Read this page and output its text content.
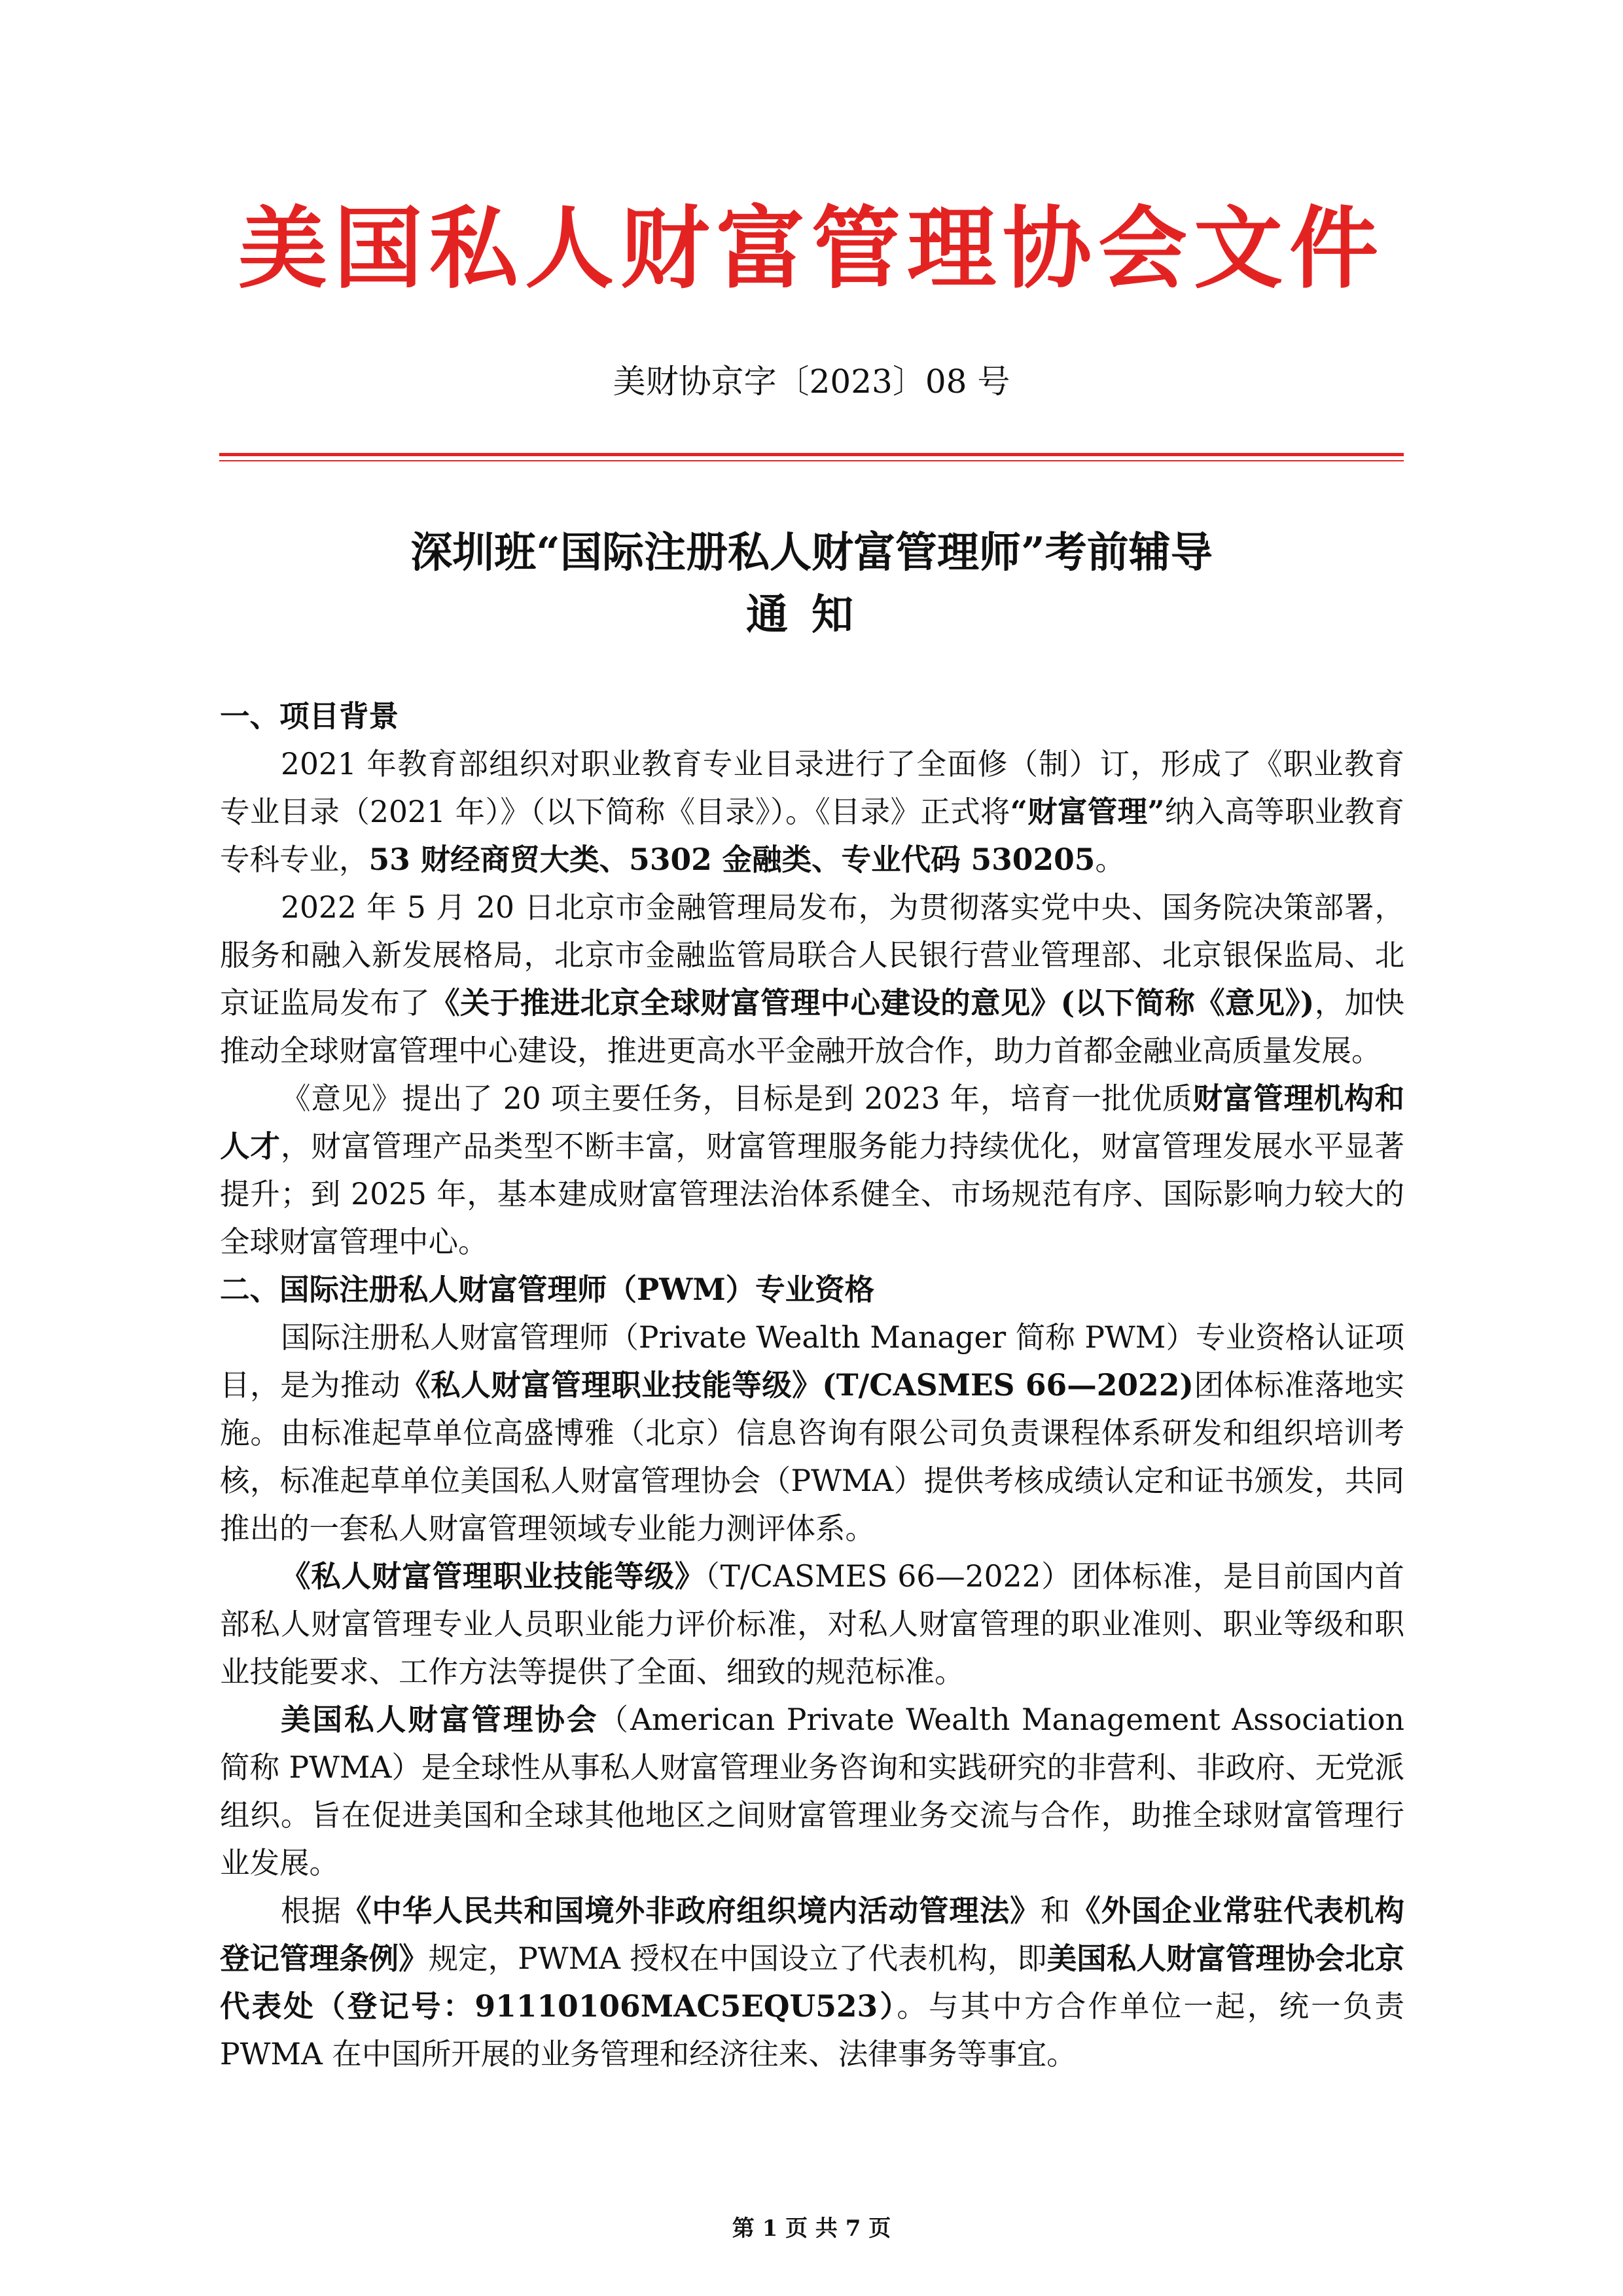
美国私人财富管理协会文件
美财协京字〔2023〕08 号
深圳班“国际注册私人财富管理师”考前辅导
通知

一、项目背景

2021 年教育部组织对职业教育专业目录进行了全面修（制）订，形成了《职业教育专业目录（2021 年）》（以下简称《目录》）。《目录》正式将“财富管理”纳入高等职业教育专科专业，53 财经商贸大类、5302 金融类、专业代码 530205。

2022 年 5 月 20 日北京市金融管理局发布，为贯彻落实党中央、国务院决策部署，服务和融入新发展格局，北京市金融监管局联合人民银行营业管理部、北京银保监局、北京证监局发布了《关于推进北京全球财富管理中心建设的意见》(以下简称《意见》)，加快推动全球财富管理中心建设，推进更高水平金融开放合作，助力首都金融业高质量发展。

《意见》提出了 20 项主要任务，目标是到 2023 年，培育一批优质财富管理机构和人才，财富管理产品类型不断丰富，财富管理服务能力持续优化，财富管理发展水平显著提升；到 2025 年，基本建成财富管理法治体系健全、市场规范有序、国际影响力较大的全球财富管理中心。

二、国际注册私人财富管理师（PWM）专业资格

国际注册私人财富管理师（Private Wealth Manager 简称 PWM）专业资格认证项目，是为推动《私人财富管理职业技能等级》(T/CASMES 66—2022)团体标准落地实施。由标准起草单位高盛博雅（北京）信息咨询有限公司负责课程体系研发和组织培训考核，标准起草单位美国私人财富管理协会（PWMA）提供考核成绩认定和证书颁发，共同推出的一套私人财富管理领域专业能力测评体系。

《私人财富管理职业技能等级》（T/CASMES 66—2022）团体标准，是目前国内首部私人财富管理专业人员职业能力评价标准，对私人财富管理的职业准则、职业等级和职业技能要求、工作方法等提供了全面、细致的规范标准。

美国私人财富管理协会（American Private Wealth Management Association 简称 PWMA）是全球性从事私人财富管理业务咨询和实践研究的非营利、非政府、无党派组织。旨在促进美国和全球其他地区之间财富管理业务交流与合作，助推全球财富管理行业发展。

根据《中华人民共和国境外非政府组织境内活动管理法》和《外国企业常驻代表机构登记管理条例》规定，PWMA 授权在中国设立了代表机构，即美国私人财富管理协会北京代表处（登记号：91110106MAC5EQU523）。与其中方合作单位一起，统一负责 PWMA 在中国所开展的业务管理和经济往来、法律事务等事宜。

第 1 页 共 7 页
